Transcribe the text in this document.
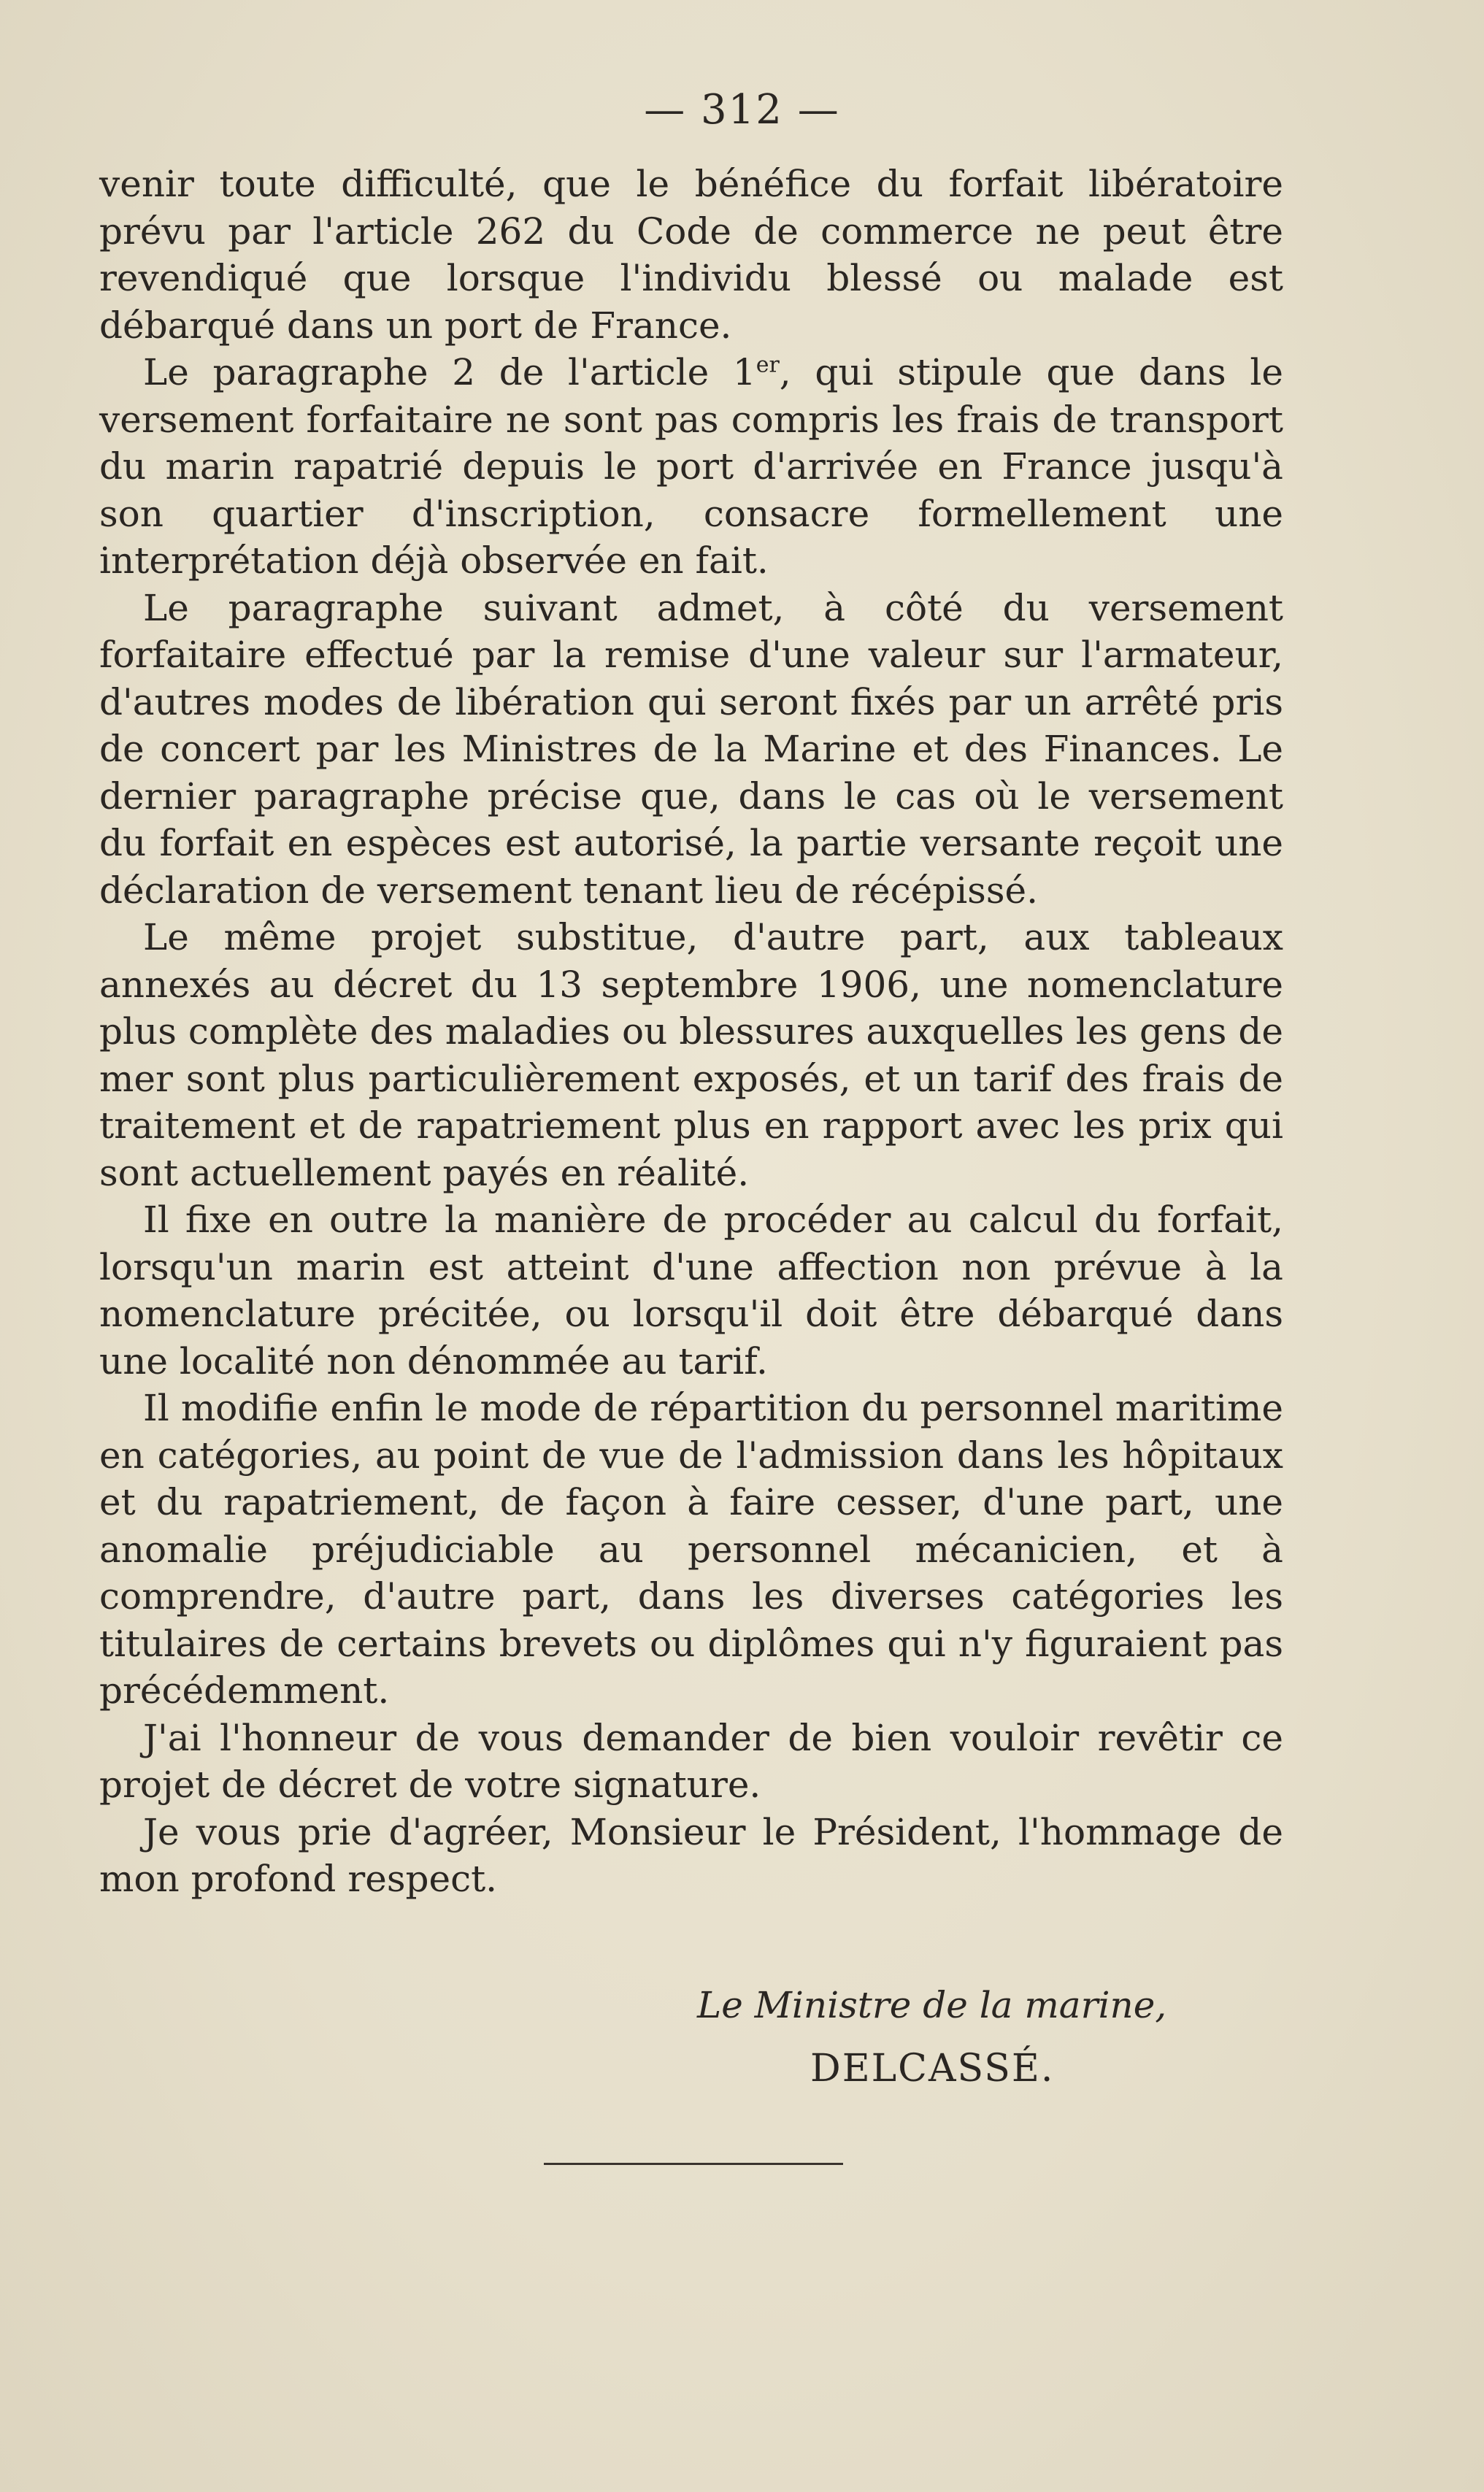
— 312 —

venir toute difficulté, que le bénéfice du forfait libératoire prévu par l'article 262 du Code de commerce ne peut être revendiqué que lorsque l'individu blessé ou malade est débarqué dans un port de France.

Le paragraphe 2 de l'article 1er, qui stipule que dans le versement forfaitaire ne sont pas compris les frais de transport du marin rapatrié depuis le port d'arrivée en France jusqu'à son quartier d'inscription, consacre formellement une interprétation déjà observée en fait.

Le paragraphe suivant admet, à côté du versement forfaitaire effectué par la remise d'une valeur sur l'armateur, d'autres modes de libération qui seront fixés par un arrêté pris de concert par les Ministres de la Marine et des Finances. Le dernier paragraphe précise que, dans le cas où le versement du forfait en espèces est autorisé, la partie versante reçoit une déclaration de versement tenant lieu de récépissé.

Le même projet substitue, d'autre part, aux tableaux annexés au décret du 13 septembre 1906, une nomenclature plus complète des maladies ou blessures auxquelles les gens de mer sont plus particulièrement exposés, et un tarif des frais de traitement et de rapatriement plus en rapport avec les prix qui sont actuellement payés en réalité.

Il fixe en outre la manière de procéder au calcul du forfait, lorsqu'un marin est atteint d'une affection non prévue à la nomenclature précitée, ou lorsqu'il doit être débarqué dans une localité non dénommée au tarif.

Il modifie enfin le mode de répartition du personnel maritime en catégories, au point de vue de l'admission dans les hôpitaux et du rapatriement, de façon à faire cesser, d'une part, une anomalie préjudiciable au personnel mécanicien, et à comprendre, d'autre part, dans les diverses catégories les titulaires de certains brevets ou diplômes qui n'y figuraient pas précédemment.

J'ai l'honneur de vous demander de bien vouloir revêtir ce projet de décret de votre signature.

Je vous prie d'agréer, Monsieur le Président, l'hommage de mon profond respect.

Le Ministre de la marine,
DELCASSÉ.
